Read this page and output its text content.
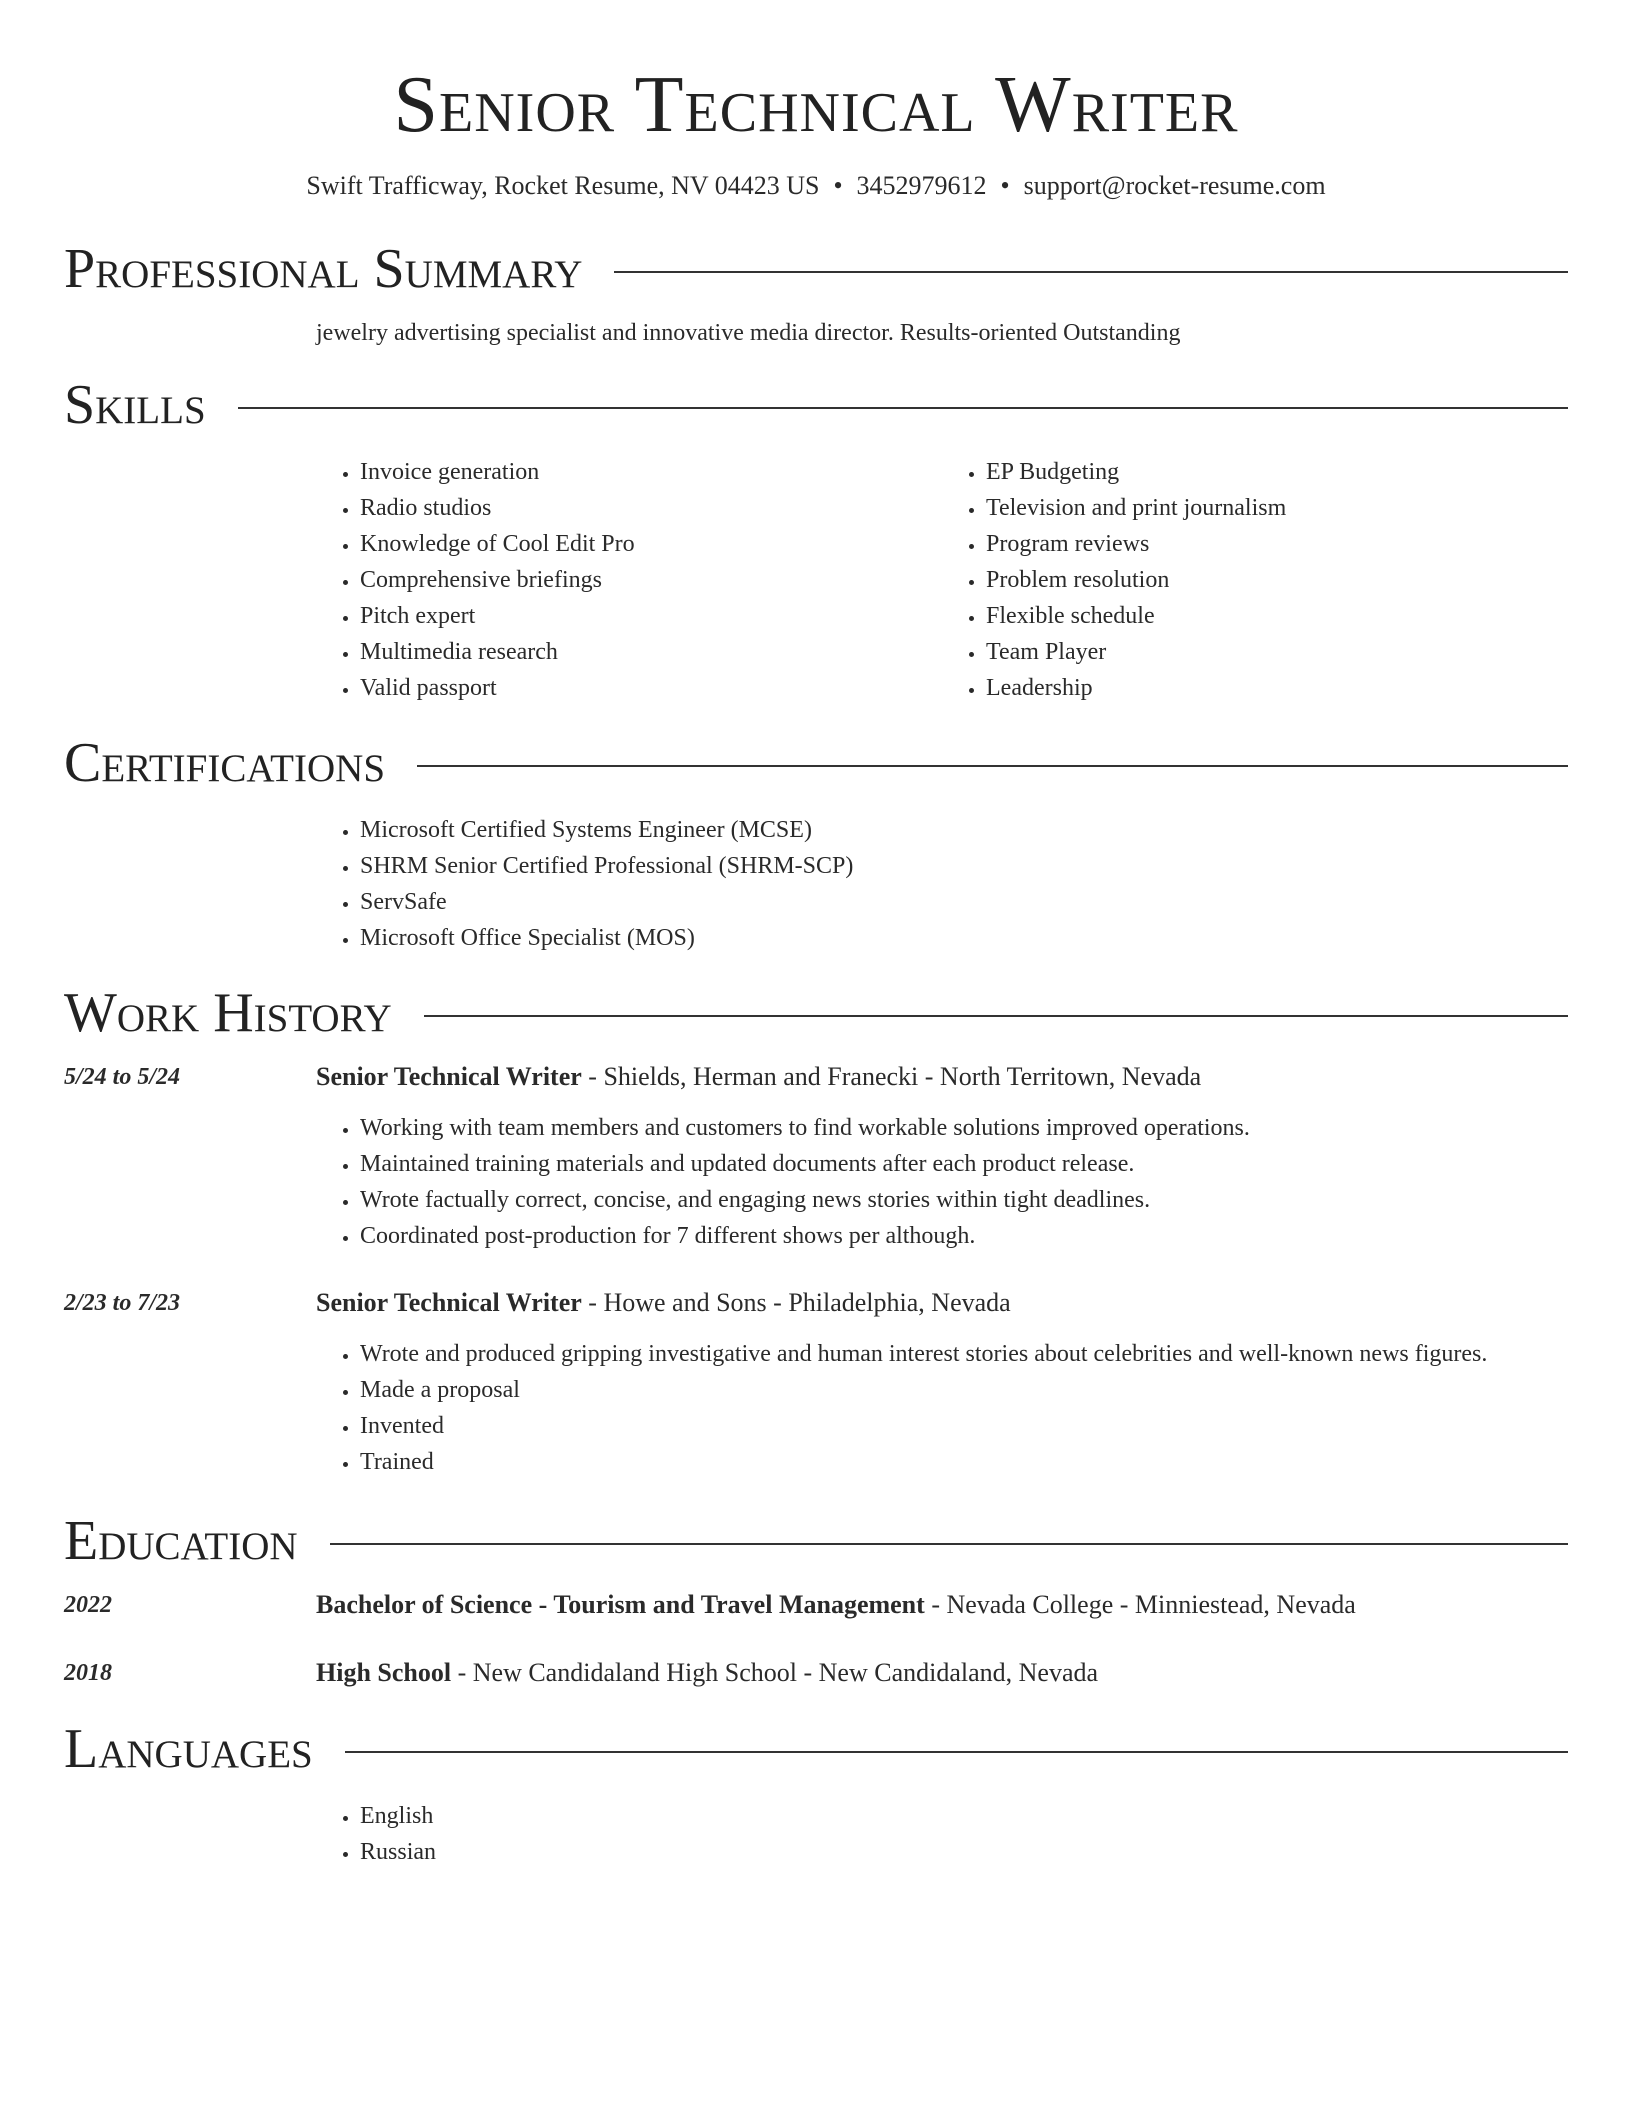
Senior Technical Writer
Swift Trafficway, Rocket Resume, NV 04423 US • 3452979612 • support@rocket-resume.com
Professional Summary
jewelry advertising specialist and innovative media director. Results-oriented Outstanding
Skills
• Invoice generation
• Radio studios
• Knowledge of Cool Edit Pro
• Comprehensive briefings
• Pitch expert
• Multimedia research
• Valid passport
• EP Budgeting
• Television and print journalism
• Program reviews
• Problem resolution
• Flexible schedule
• Team Player
• Leadership
Certifications
• Microsoft Certified Systems Engineer (MCSE)
• SHRM Senior Certified Professional (SHRM-SCP)
• ServSafe
• Microsoft Office Specialist (MOS)
Work History
5/24 to 5/24	Senior Technical Writer - Shields, Herman and Franecki - North Territown, Nevada
• Working with team members and customers to find workable solutions improved operations.
• Maintained training materials and updated documents after each product release.
• Wrote factually correct, concise, and engaging news stories within tight deadlines.
• Coordinated post-production for 7 different shows per although.
2/23 to 7/23	Senior Technical Writer - Howe and Sons - Philadelphia, Nevada
• Wrote and produced gripping investigative and human interest stories about celebrities and well-known news figures.
• Made a proposal
• Invented
• Trained
Education
2022	Bachelor of Science - Tourism and Travel Management - Nevada College - Minniestead, Nevada
2018	High School - New Candidaland High School - New Candidaland, Nevada
Languages
• English
• Russian
